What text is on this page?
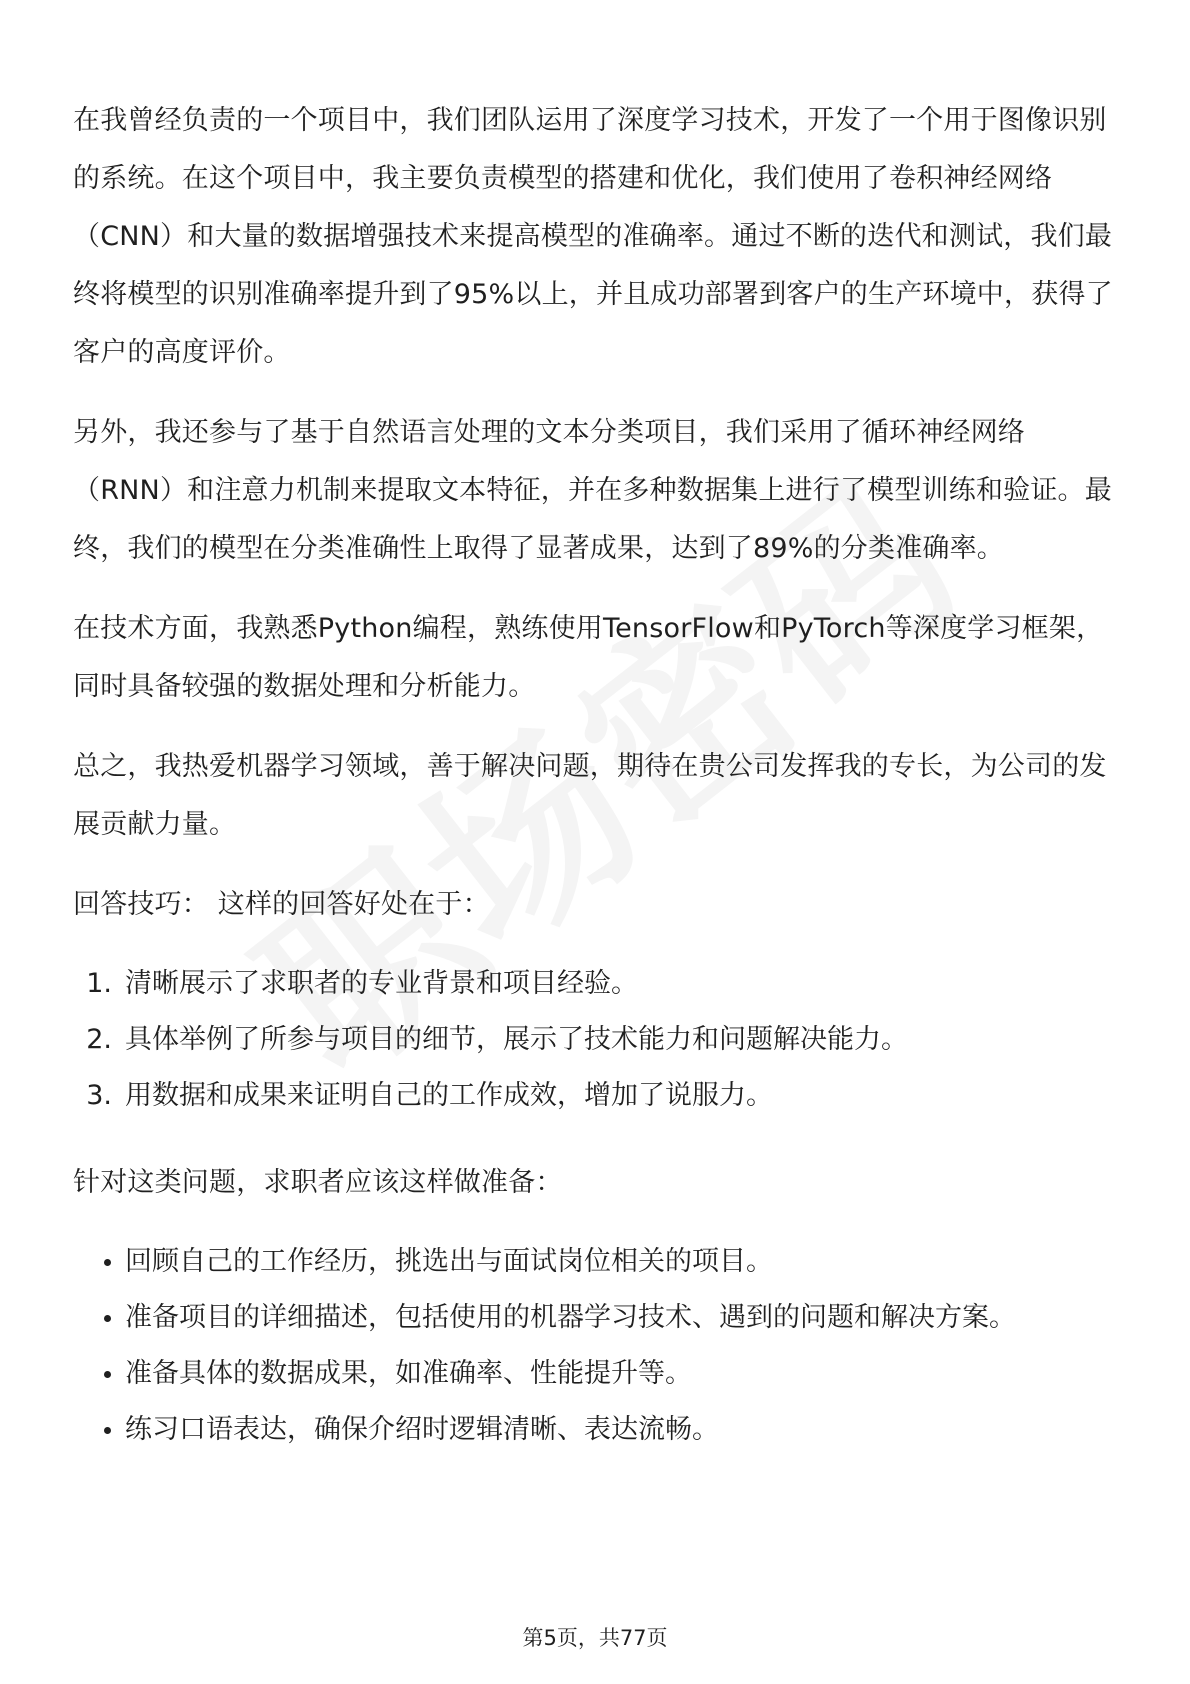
在我曾经负责的一个项目中，我们团队运用了深度学习技术，开发了一个用于图像识别的系统。在这个项目中，我主要负责模型的搭建和优化，我们使用了卷积神经网络（CNN）和大量的数据增强技术来提高模型的准确率。通过不断的迭代和测试，我们最终将模型的识别准确率提升到了95%以上，并且成功部署到客户的生产环境中，获得了客户的高度评价。

另外，我还参与了基于自然语言处理的文本分类项目，我们采用了循环神经网络（RNN）和注意力机制来提取文本特征，并在多种数据集上进行了模型训练和验证。最终，我们的模型在分类准确性上取得了显著成果，达到了89%的分类准确率。

在技术方面，我熟悉Python编程，熟练使用TensorFlow和PyTorch等深度学习框架，同时具备较强的数据处理和分析能力。

总之，我热爱机器学习领域，善于解决问题，期待在贵公司发挥我的专长，为公司的发展贡献力量。

回答技巧： 这样的回答好处在于：

1. 清晰展示了求职者的专业背景和项目经验。
2. 具体举例了所参与项目的细节，展示了技术能力和问题解决能力。
3. 用数据和成果来证明自己的工作成效，增加了说服力。

针对这类问题，求职者应该这样做准备：

回顾自己的工作经历，挑选出与面试岗位相关的项目。
准备项目的详细描述，包括使用的机器学习技术、遇到的问题和解决方案。
准备具体的数据成果，如准确率、性能提升等。
练习口语表达，确保介绍时逻辑清晰、表达流畅。
第5页，共77页
